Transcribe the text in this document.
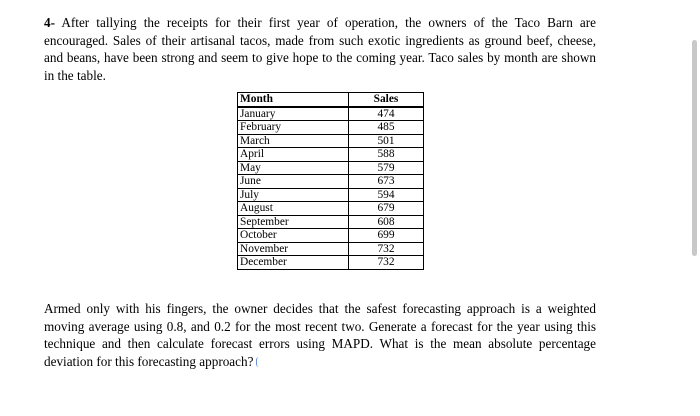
4- After tallying the receipts for their first year of operation, the owners of the Taco Barn are encouraged. Sales of their artisanal tacos, made from such exotic ingredients as ground beef, cheese, and beans, have been strong and seem to give hope to the coming year. Taco sales by month are shown in the table.

Month	Sales
January	474
February	485
March	501
April	588
May	579
June	673
July	594
August	679
September	608
October	699
November	732
December	732

Armed only with his fingers, the owner decides that the safest forecasting approach is a weighted moving average using 0.8, and 0.2 for the most recent two. Generate a forecast for the year using this technique and then calculate forecast errors using MAPD. What is the mean absolute percentage deviation for this forecasting approach?
